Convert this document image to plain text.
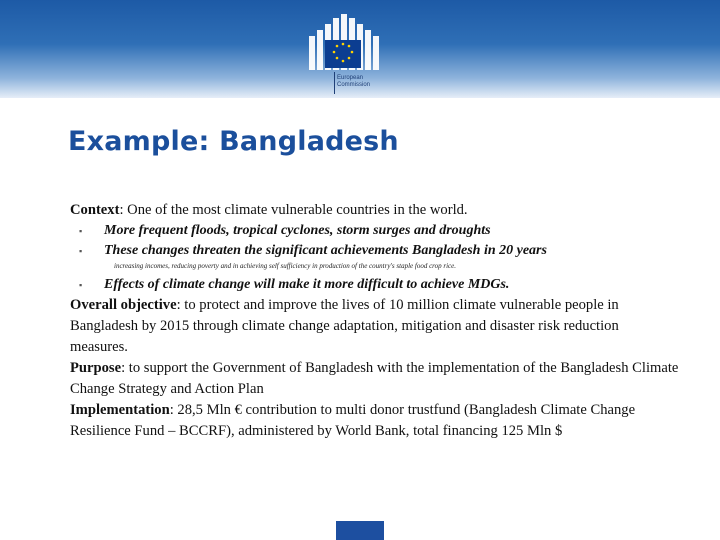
European
Commission
Example: Bangladesh

Context: One of the most climate vulnerable countries in the world.

▪ More frequent floods, tropical cyclones, storm surges and droughts
▪ These changes threaten the significant achievements Bangladesh in 20 years

increasing incomes, reducing poverty and in achieving self sufficiency in production of the country's staple food crop rice.

▪ Effects of climate change will make it more difficult to achieve MDGs.

Overall objective: to protect and improve the lives of 10 million climate vulnerable people in Bangladesh by 2015 through climate change adaptation, mitigation and disaster risk reduction measures.

Purpose: to support the Government of Bangladesh with the implementation of the Bangladesh Climate Change Strategy and Action Plan

Implementation: 28,5 Mln € contribution to multi donor trustfund (Bangladesh Climate Change Resilience Fund – BCCRF), administered by World Bank, total financing 125 Mln $
